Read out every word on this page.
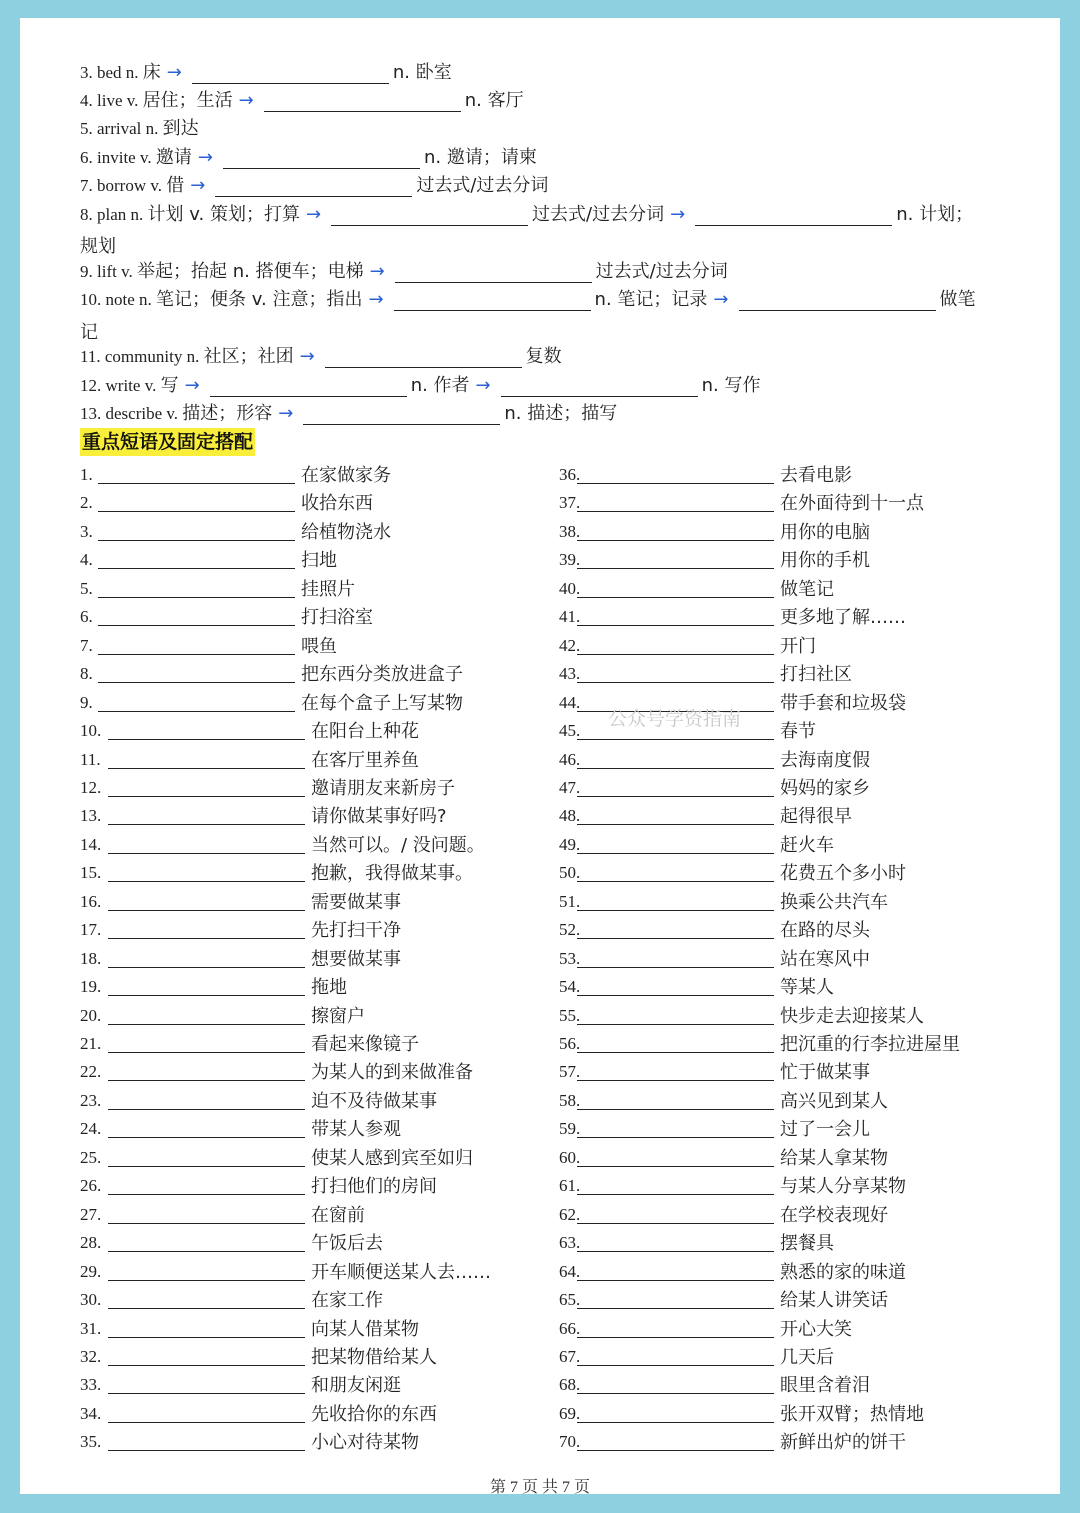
3. bed n. 床 →	n. 卧室
4. live v. 居住；生活 →	n. 客厅
5. arrival n. 到达
6. invite v. 邀请 →	n. 邀请；请柬
7. borrow v. 借 →	过去式/过去分词
8. plan n. 计划 v. 策划；打算 →	过去式/过去分词 →	n. 计划；
规划
9. lift v. 举起；抬起 n. 搭便车；电梯 →	过去式/过去分词
10. note n. 笔记；便条 v. 注意；指出 →	n. 笔记；记录 →	做笔
记
11. community n. 社区；社团 →	复数
12. write v. 写 →	n. 作者 →	n. 写作
13. describe v. 描述；形容 →	n. 描述；描写
重点短语及固定搭配
1.	在家做家务
2.	收拾东西
3.	给植物浇水
4.	扫地
5.	挂照片
6.	打扫浴室
7.	喂鱼
8.	把东西分类放进盒子
9.	在每个盒子上写某物
10.	在阳台上种花
11.	在客厅里养鱼
12.	邀请朋友来新房子
13.	请你做某事好吗?
14.	当然可以。/ 没问题。
15.	抱歉，我得做某事。
16.	需要做某事
17.	先打扫干净
18.	想要做某事
19.	拖地
20.	擦窗户
21.	看起来像镜子
22.	为某人的到来做准备
23.	迫不及待做某事
24.	带某人参观
25.	使某人感到宾至如归
26.	打扫他们的房间
27.	在窗前
28.	午饭后去
29.	开车顺便送某人去……
30.	在家工作
31.	向某人借某物
32.	把某物借给某人
33.	和朋友闲逛
34.	先收拾你的东西
35.	小心对待某物
36.	去看电影
37.	在外面待到十一点
38.	用你的电脑
39.	用你的手机
40.	做笔记
41.	更多地了解……
42.	开门
43.	打扫社区
44.	带手套和垃圾袋
45.	春节
46.	去海南度假
47.	妈妈的家乡
48.	起得很早
49.	赶火车
50.	花费五个多小时
51.	换乘公共汽车
52.	在路的尽头
53.	站在寒风中
54.	等某人
55.	快步走去迎接某人
56.	把沉重的行李拉进屋里
57.	忙于做某事
58.	高兴见到某人
59.	过了一会儿
60.	给某人拿某物
61.	与某人分享某物
62.	在学校表现好
63.	摆餐具
64.	熟悉的家的味道
65.	给某人讲笑话
66.	开心大笑
67.	几天后
68.	眼里含着泪
69.	张开双臂；热情地
70.	新鲜出炉的饼干
公众号学资指南
第 7 页 共 7 页
